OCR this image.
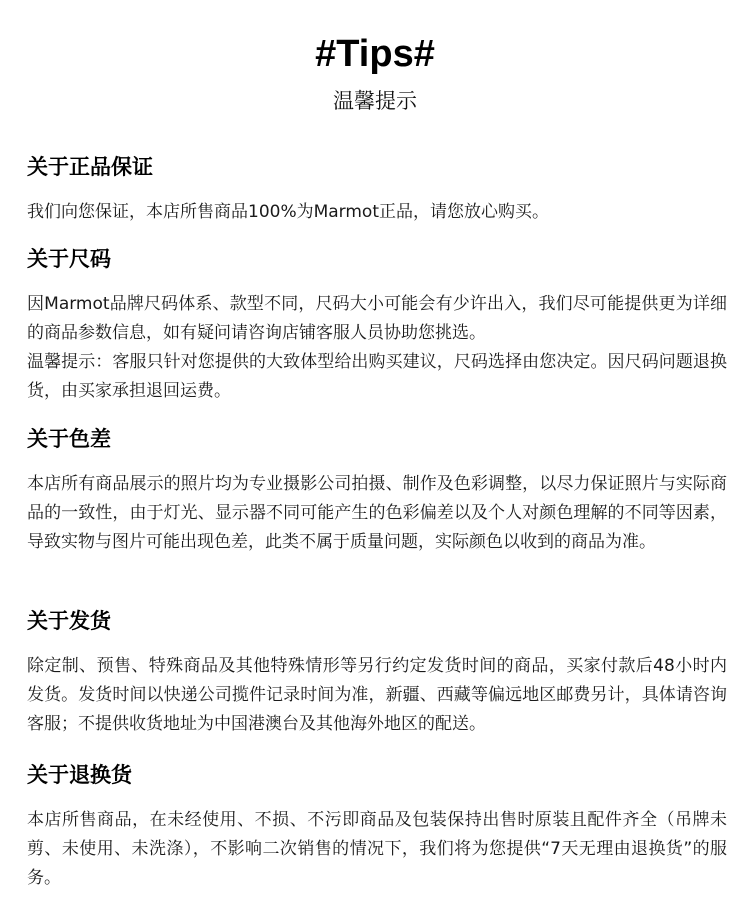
#Tips#
温馨提示
关于正品保证

我们向您保证，本店所售商品100%为Marmot正品，请您放心购买。

关于尺码

因Marmot品牌尺码体系、款型不同，尺码大小可能会有少许出入，我们尽可能提供更为详细的商品参数信息，如有疑问请咨询店铺客服人员协助您挑选。

温馨提示：客服只针对您提供的大致体型给出购买建议，尺码选择由您决定。因尺码问题退换货，由买家承担退回运费。

关于色差

本店所有商品展示的照片均为专业摄影公司拍摄、制作及色彩调整，以尽力保证照片与实际商品的一致性，由于灯光、显示器不同可能产生的色彩偏差以及个人对颜色理解的不同等因素，导致实物与图片可能出现色差，此类不属于质量问题，实际颜色以收到的商品为准。

关于发货

除定制、预售、特殊商品及其他特殊情形等另行约定发货时间的商品，买家付款后48小时内发货。发货时间以快递公司揽件记录时间为准，新疆、西藏等偏远地区邮费另计，具体请咨询客服；不提供收货地址为中国港澳台及其他海外地区的配送。

关于退换货

本店所售商品，在未经使用、不损、不污即商品及包装保持出售时原装且配件齐全（吊牌未剪、未使用、未洗涤），不影响二次销售的情况下，我们将为您提供“7天无理由退换货”的服务。
